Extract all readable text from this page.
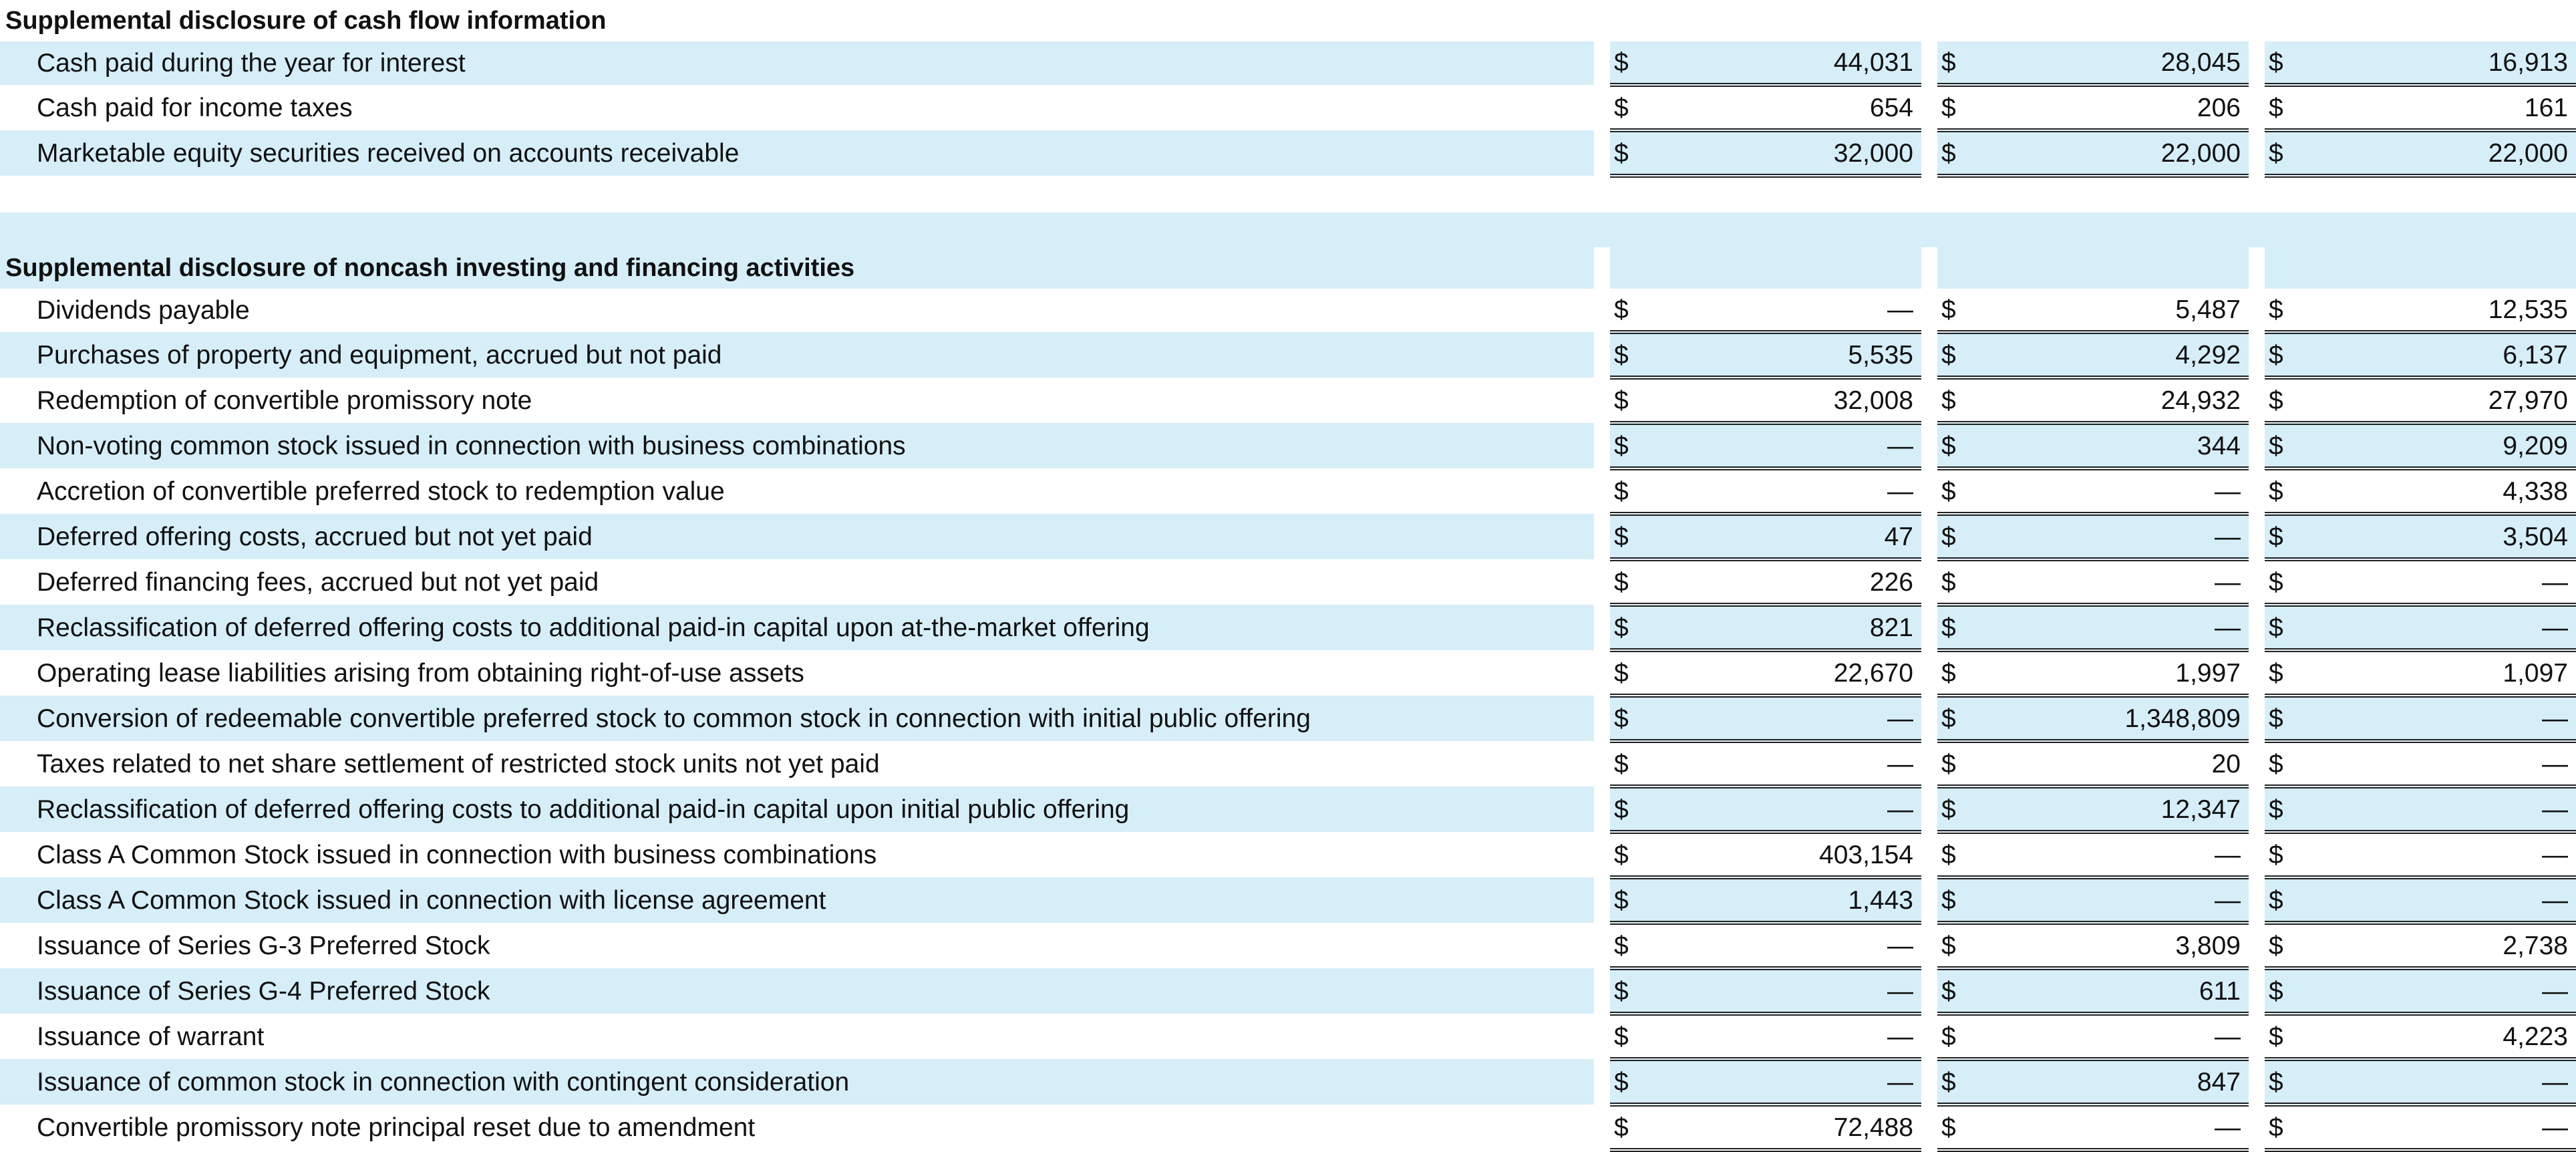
Supplemental disclosure of cash flow information									
Cash paid during the year for interest		$	44,031		$	28,045		$	16,913
Cash paid for income taxes		$	654		$	206		$	161
Marketable equity securities received on accounts receivable		$	32,000		$	22,000		$	22,000

Supplemental disclosure of noncash investing and financing activities									
Dividends payable		$	—		$	5,487		$	12,535
Purchases of property and equipment, accrued but not paid		$	5,535		$	4,292		$	6,137
Redemption of convertible promissory note		$	32,008		$	24,932		$	27,970
Non-voting common stock issued in connection with business combinations		$	—		$	344		$	9,209
Accretion of convertible preferred stock to redemption value		$	—		$	—		$	4,338
Deferred offering costs, accrued but not yet paid		$	47		$	—		$	3,504
Deferred financing fees, accrued but not yet paid		$	226		$	—		$	—
Reclassification of deferred offering costs to additional paid-in capital upon at-the-market offering		$	821		$	—		$	—
Operating lease liabilities arising from obtaining right-of-use assets		$	22,670		$	1,997		$	1,097
Conversion of redeemable convertible preferred stock to common stock in connection with initial public offering		$	—		$	1,348,809		$	—
Taxes related to net share settlement of restricted stock units not yet paid		$	—		$	20		$	—
Reclassification of deferred offering costs to additional paid-in capital upon initial public offering		$	—		$	12,347		$	—
Class A Common Stock issued in connection with business combinations		$	403,154		$	—		$	—
Class A Common Stock issued in connection with license agreement		$	1,443		$	—		$	—
Issuance of Series G-3 Preferred Stock		$	—		$	3,809		$	2,738
Issuance of Series G-4 Preferred Stock		$	—		$	611		$	—
Issuance of warrant		$	—		$	—		$	4,223
Issuance of common stock in connection with contingent consideration		$	—		$	847		$	—
Convertible promissory note principal reset due to amendment		$	72,488		$	—		$	—
